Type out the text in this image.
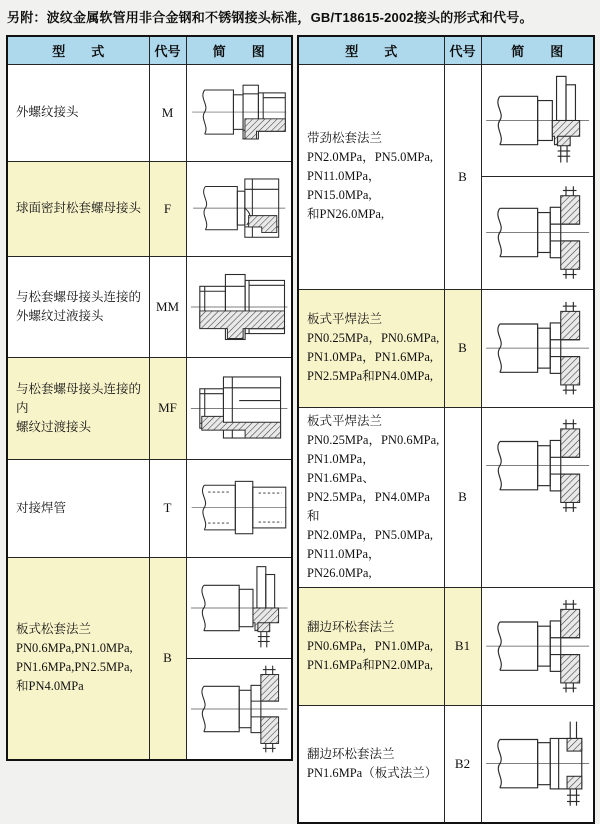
另附：波纹金属软管用非合金钢和不锈钢接头标准，GB/T18615-2002接头的形式和代号。
型　　式	代号	简　　图

外螺纹接头	M	

球面密封松套螺母接头	F	

与松套螺母接头连接的
外螺纹过液接头	MM	

与松套螺母接头连接的内
螺纹过渡接头	MF	

对接焊管	T	

板式松套法兰
PN0.6MPa,PN1.0MPa,
PN1.6MPa,PN2.5MPa,
和PN4.0MPa	B	
型　　式	代号	简　　图

带劲松套法兰
PN2.0MPa，PN5.0MPa,
PN11.0MPa，PN15.0MPa,
和PN26.0MPa,	B	

板式平焊法兰
PN0.25MPa，PN0.6MPa,
PN1.0MPa，PN1.6MPa,
PN2.5MPa和PN4.0MPa,	B	

板式平焊法兰
PN0.25MPa，PN0.6MPa,
PN1.0MPa，PN1.6MPa、
PN2.5MPa，PN4.0MPa和
PN2.0MPa，PN5.0MPa,
PN11.0MPa，PN26.0MPa,
	B	

翻边环松套法兰
PN0.6MPa，PN1.0MPa,
PN1.6MPa和PN2.0MPa,	B1	

翻边环松套法兰
PN1.6MPa（板式法兰）	B2	
